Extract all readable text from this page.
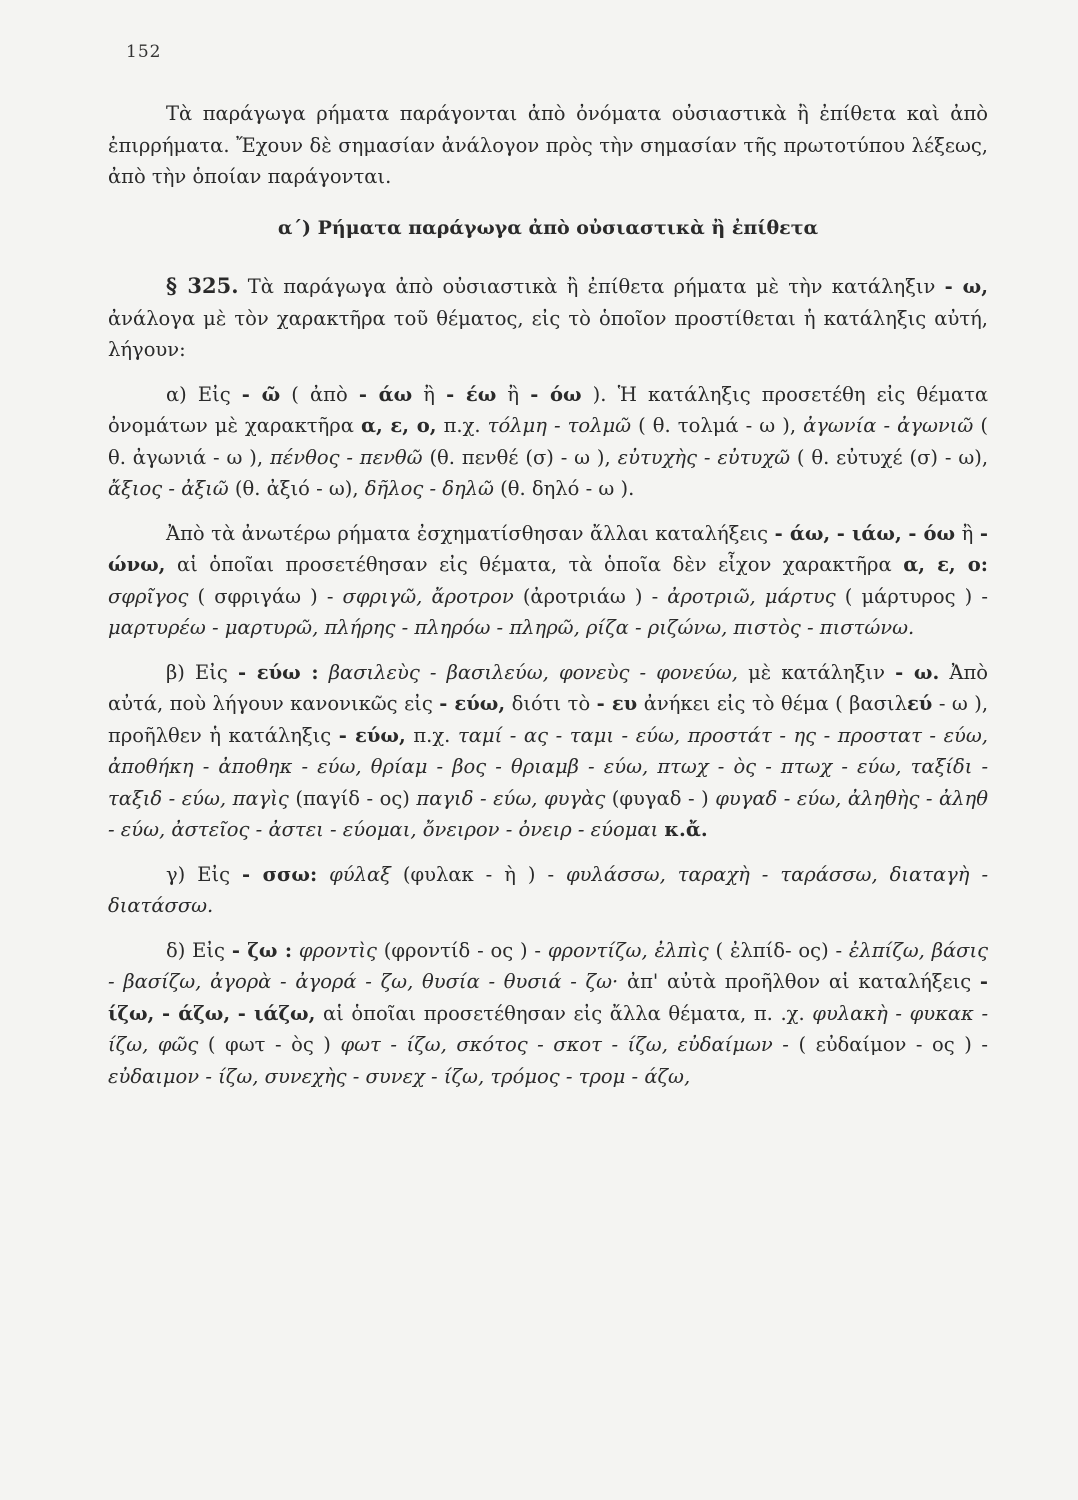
152

Τὰ παράγωγα ρήματα παράγονται ἀπὸ ὀνόματα οὐσιαστικὰ ἢ ἐπίθετα καὶ ἀπὸ ἐπιρρήματα. Ἔχουν δὲ σημασίαν ἀνάλογον πρὸς τὴν σημασίαν τῆς πρωτοτύπου λέξεως, ἀπὸ τὴν ὁποίαν παράγονται.

α΄) Ρήματα παράγωγα ἀπὸ οὐσιαστικὰ ἢ ἐπίθετα

§ 325. Τὰ παράγωγα ἀπὸ οὐσιαστικὰ ἢ ἐπίθετα ρήματα μὲ τὴν κατάληξιν - ω, ἀνάλογα μὲ τὸν χαρακτῆρα τοῦ θέματος, εἰς τὸ ὁποῖον προστίθεται ἡ κατάληξις αὐτή, λήγουν:

α) Εἰς - ῶ ( ἀπὸ - άω ἢ - έω ἢ - όω ). Ἡ κατάληξις προσετέθη εἰς θέματα ὀνομάτων μὲ χαρακτῆρα α, ε, ο, π.χ. τόλμη - τολμῶ ( θ. τολμά - ω ), ἀγωνία - ἀγωνιῶ ( θ. ἀγωνιά - ω ), πένθος - πενθῶ (θ. πενθέ (σ) - ω ), εὐτυχὴς - εὐτυχῶ ( θ. εὐτυχέ (σ) - ω), ἄξιος - ἀξιῶ (θ. ἀξιό - ω), δῆλος - δηλῶ (θ. δηλό - ω ).

Ἀπὸ τὰ ἀνωτέρω ρήματα ἐσχηματίσθησαν ἄλλαι καταλήξεις - άω, - ιάω, - όω ἢ - ώνω, αἱ ὁποῖαι προσετέθησαν εἰς θέματα, τὰ ὁποῖα δὲν εἶχον χαρακτῆρα α, ε, ο: σφρῖγος ( σφριγάω ) - σφριγῶ, ἄροτρον (ἀροτριάω ) - ἀροτριῶ, μάρτυς ( μάρτυρος ) - μαρτυρέω - μαρτυρῶ, πλήρης - πληρόω - πληρῶ, ρίζα - ριζώνω, πιστὸς - πιστώνω.

β) Εἰς - εύω : βασιλεὺς - βασιλεύω, φονεὺς - φονεύω, μὲ κατάληξιν - ω. Ἀπὸ αὐτά, ποὺ λήγουν κανονικῶς εἰς - εύω, διότι τὸ - ευ ἀνήκει εἰς τὸ θέμα ( βασιλεύ - ω ), προῆλθεν ἡ κατάληξις - εύω, π.χ. ταμί - ας - ταμι - εύω, προστάτ - ης - προστατ - εύω, ἀποθήκη - ἀποθηκ - εύω, θρίαμ - βος - θριαμβ - εύω, πτωχ - ὸς - πτωχ - εύω, ταξίδι - ταξιδ - εύω, παγὶς (παγίδ - ος) παγιδ - εύω, φυγὰς (φυγαδ - ) φυγαδ - εύω, ἀληθὴς - ἀληθ - εύω, ἀστεῖος - ἀστει - εύομαι, ὄνειρον - ὀνειρ - εύομαι κ.ἄ.

γ) Εἰς - σσω: φύλαξ (φυλακ - ὴ ) - φυλάσσω, ταραχὴ - ταράσσω, διαταγὴ - διατάσσω.

δ) Εἰς - ζω : φροντὶς (φροντίδ - ος ) - φροντίζω, ἐλπὶς ( ἐλπίδ- ος) - ἐλπίζω, βάσις - βασίζω, ἀγορὰ - ἀγορά - ζω, θυσία - θυσιά - ζω· ἀπ' αὐτὰ προῆλθον αἱ καταλήξεις - ίζω, - άζω, - ιάζω, αἱ ὁποῖαι προσετέθησαν εἰς ἄλλα θέματα, π. .χ. φυλακὴ - φυκακ - ίζω, φῶς ( φωτ - ὸς ) φωτ - ίζω, σκότος - σκοτ - ίζω, εὐδαίμων - ( εὐδαίμον - ος ) - εὐδαιμον - ίζω, συνεχὴς - συνεχ - ίζω, τρόμος - τρομ - άζω,
